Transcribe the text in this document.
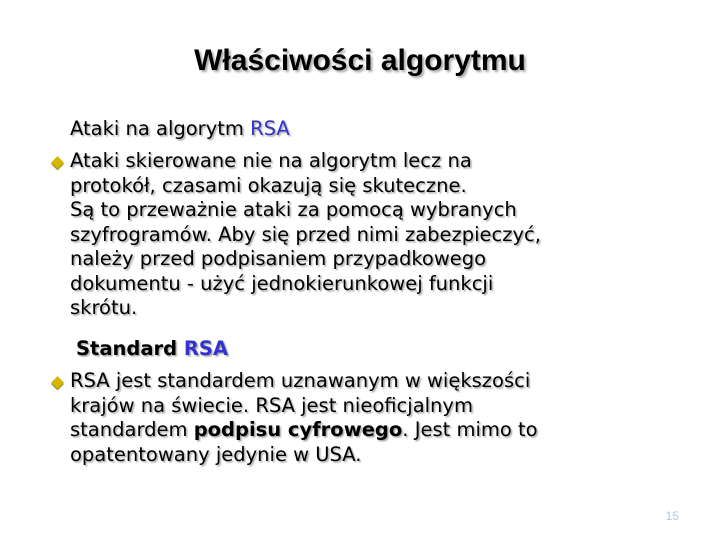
Właściwości algorytmu
Ataki na algorytm RSA
Ataki skierowane nie na algorytm lecz na
protokół, czasami okazują się skuteczne.
Są to przeważnie ataki za pomocą wybranych
szyfrogramów. Aby się przed nimi zabezpieczyć,
należy przed podpisaniem przypadkowego
dokumentu - użyć jednokierunkowej funkcji
skrótu.
Standard RSA
RSA jest standardem uznawanym w większości
krajów na świecie. RSA jest nieoficjalnym
standardem podpisu cyfrowego. Jest mimo to
opatentowany jedynie w USA.
15
